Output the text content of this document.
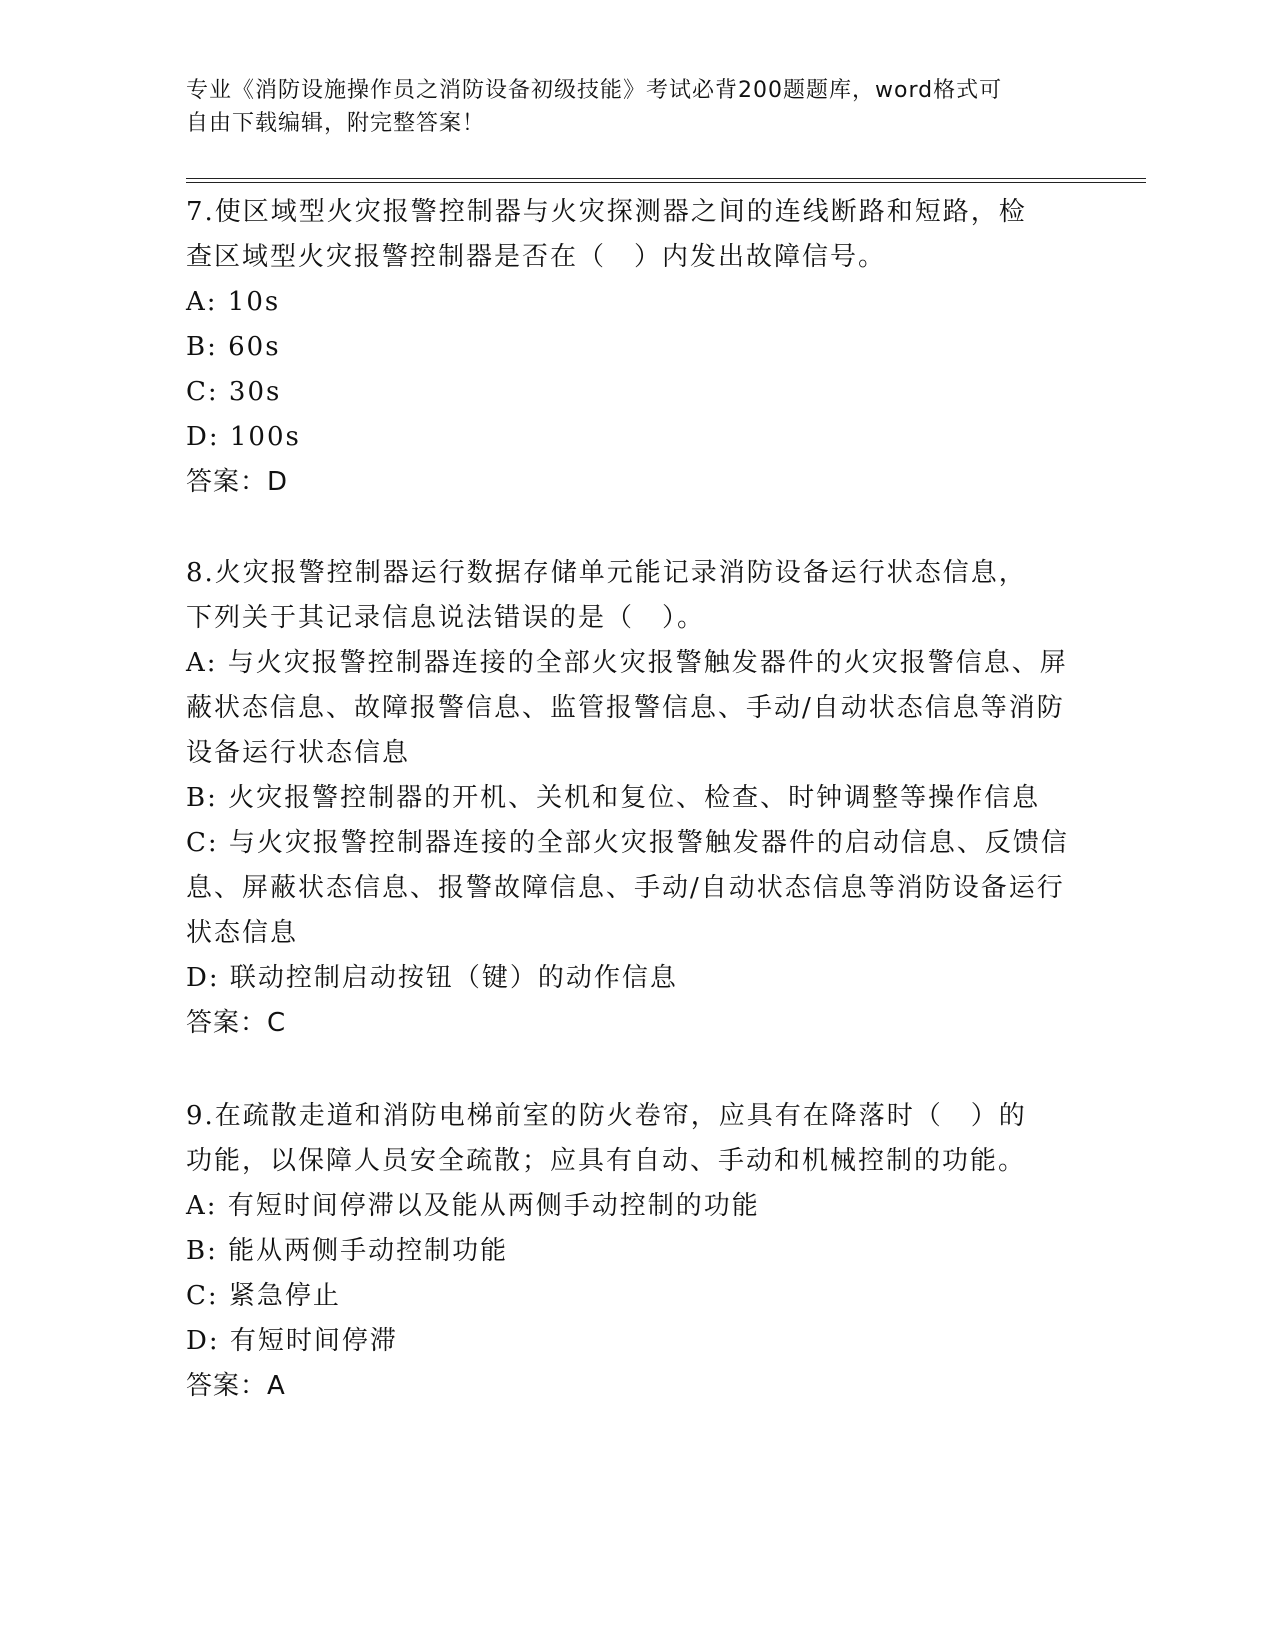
专业《消防设施操作员之消防设备初级技能》考试必背200题题库，word格式可
自由下载编辑，附完整答案！
7.使区域型火灾报警控制器与火灾探测器之间的连线断路和短路，检
查区域型火灾报警控制器是否在（　）内发出故障信号。
A: 10s
B: 60s
C: 30s
D: 100s
答案：D
8.火灾报警控制器运行数据存储单元能记录消防设备运行状态信息，
下列关于其记录信息说法错误的是（　）。
A: 与火灾报警控制器连接的全部火灾报警触发器件的火灾报警信息、屏蔽状态信息、故障报警信息、监管报警信息、手动/自动状态信息等消防设备运行状态信息
B: 火灾报警控制器的开机、关机和复位、检查、时钟调整等操作信息
C: 与火灾报警控制器连接的全部火灾报警触发器件的启动信息、反馈信息、屏蔽状态信息、报警故障信息、手动/自动状态信息等消防设备运行状态信息
D: 联动控制启动按钮（键）的动作信息
答案：C
9.在疏散走道和消防电梯前室的防火卷帘，应具有在降落时（　）的
功能，以保障人员安全疏散；应具有自动、手动和机械控制的功能。
A: 有短时间停滞以及能从两侧手动控制的功能
B: 能从两侧手动控制功能
C: 紧急停止
D: 有短时间停滞
答案：A
